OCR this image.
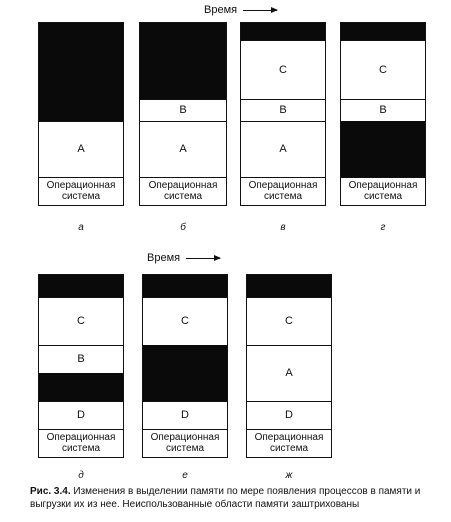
Время
Время
A
Операционная
система
а
B
A
Операционная
система
б
C
B
A
Операционная
система
в
C
B
Операционная
система
г
C
B
D
Операционная
система
д
C
D
Операционная
система
е
C
A
D
Операционная
система
ж
Рис. 3.4. Изменения в выделении памяти по мере появления процессов в памяти и выгрузки их из нее. Неиспользованные области памяти заштрихованы
